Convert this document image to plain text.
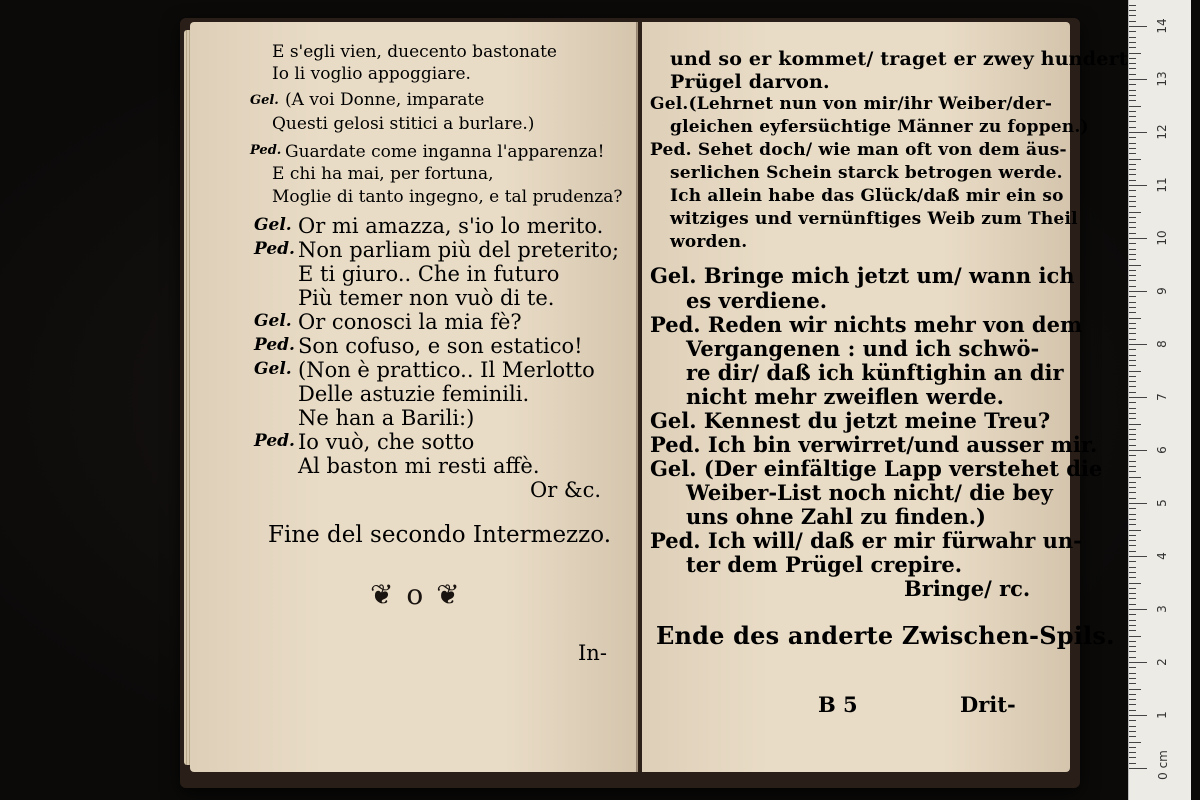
E s'egli vien, duecento bastonate
Io li voglio appoggiare.
Gel. (A voi Donne, imparate
Questi gelosi stitici a burlare.)
Ped. Guardate come inganna l'apparenza!
E chi ha mai, per fortuna,
Moglie di tanto ingegno, e tal prudenza?
Gel. Or mi amazza, s'io lo merito.
Ped. Non parliam più del preterito;
E ti giuro.. Che in futuro
Più temer non vuò di te.
Gel. Or conosci la mia fè?
Ped. Son cofuso, e son estatico!
Gel. (Non è prattico.. Il Merlotto
Delle astuzie feminili.
Ne han a Barili:)
Ped. Io vuò, che sotto
Al baston mi resti affè.
Or &c.
Fine del secondo Intermezzo.
❦ o ❦
In-
und so er kommet/ traget er zwey hundert
Prügel darvon.
Gel.(Lehrnet nun von mir/ihr Weiber/der-
gleichen eyfersüchtige Männer zu foppen.)
Ped. Sehet doch/ wie man oft von dem äus-
serlichen Schein starck betrogen werde.
Ich allein habe das Glück/daß mir ein so
witziges und vernünftiges Weib zum Theil
worden.
Gel. Bringe mich jetzt um/ wann ich
es verdiene.
Ped. Reden wir nichts mehr von dem
Vergangenen : und ich schwö-
re dir/ daß ich künftighin an dir
nicht mehr zweiflen werde.
Gel. Kennest du jetzt meine Treu?
Ped. Ich bin verwirret/und ausser mir.
Gel. (Der einfältige Lapp verstehet die
Weiber-List noch nicht/ die bey
uns ohne Zahl zu finden.)
Ped. Ich will/ daß er mir fürwahr un-
ter dem Prügel crepire.
Bringe/ rc.
Ende des anderte Zwischen-Spils.
B 5	Drit-
0 cm
1
2
3
4
5
6
7
8
9
10
11
12
13
14
